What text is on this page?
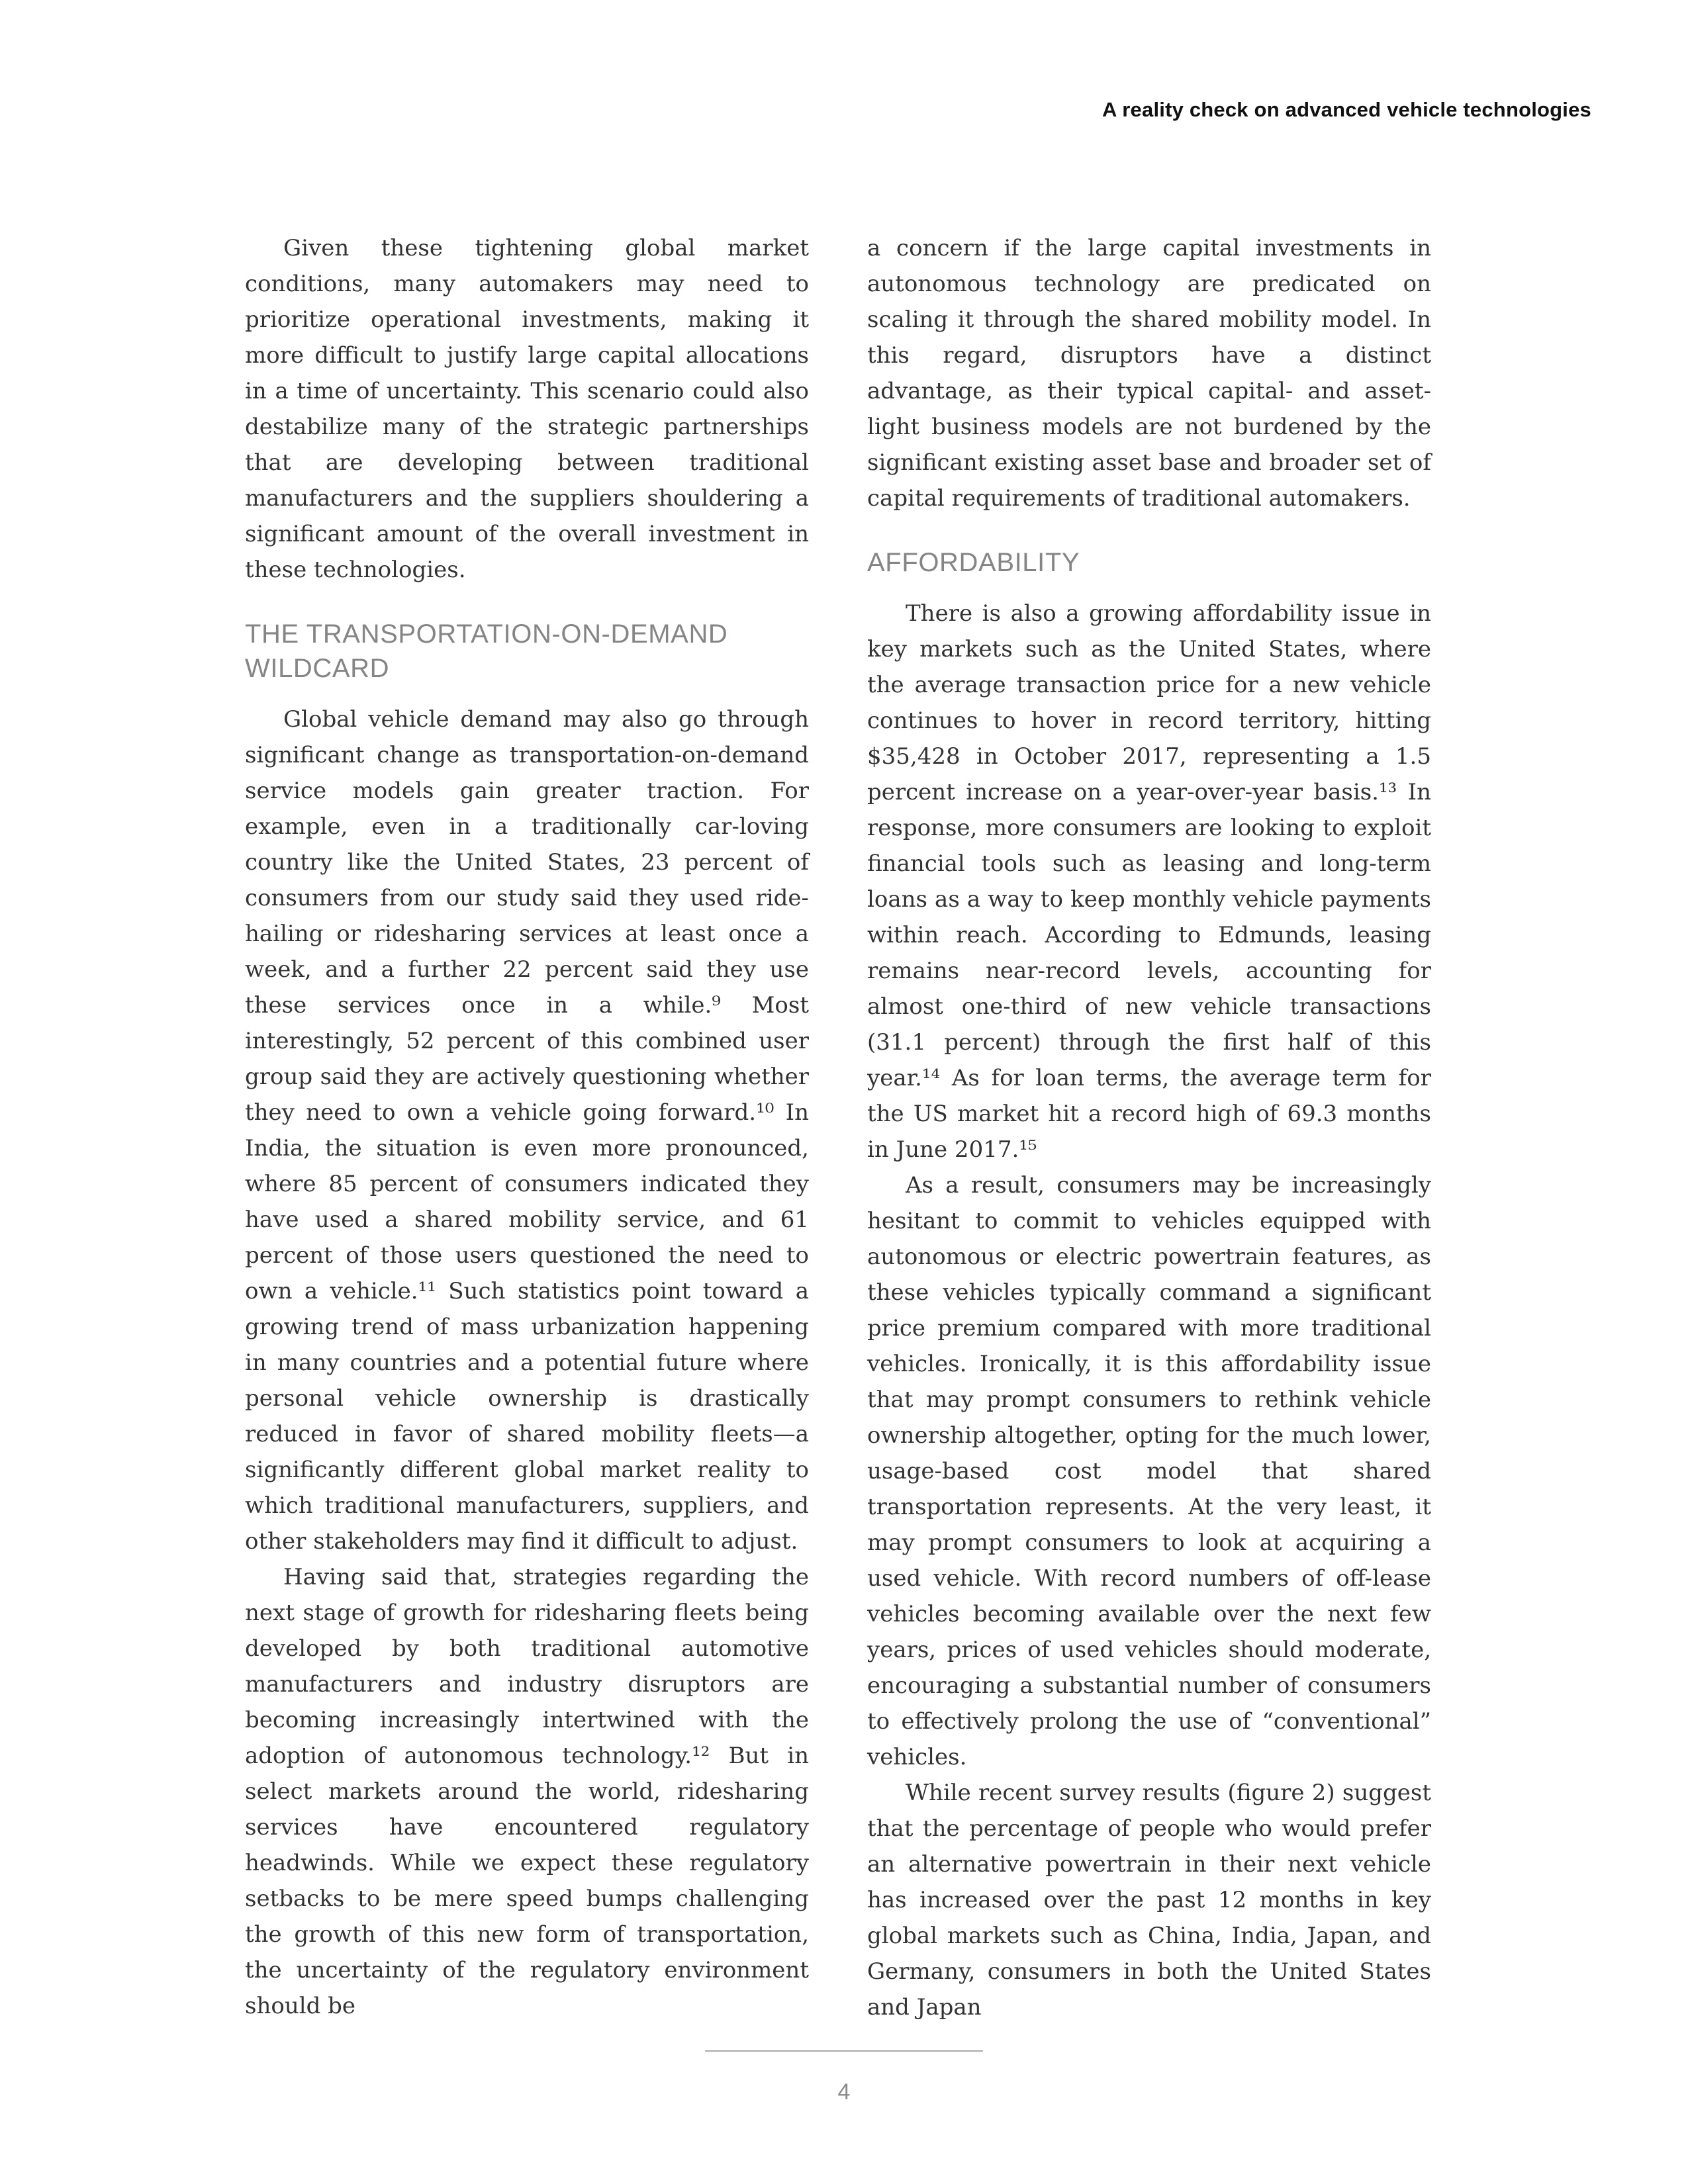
A reality check on advanced vehicle technologies

Given these tightening global market conditions, many automakers may need to prioritize operational investments, making it more difficult to justify large capital allocations in a time of uncertainty. This scenario could also destabilize many of the strategic partnerships that are developing between traditional manufacturers and the suppliers shouldering a significant amount of the overall investment in these technologies.

THE TRANSPORTATION-ON-DEMAND WILDCARD

Global vehicle demand may also go through significant change as transportation-on-demand service models gain greater traction. For example, even in a traditionally car-loving country like the United States, 23 percent of consumers from our study said they used ride-hailing or ridesharing services at least once a week, and a further 22 percent said they use these services once in a while.⁹ Most interestingly, 52 percent of this combined user group said they are actively questioning whether they need to own a vehicle going forward.¹⁰ In India, the situation is even more pronounced, where 85 percent of consumers indicated they have used a shared mobility service, and 61 percent of those users questioned the need to own a vehicle.¹¹ Such statistics point toward a growing trend of mass urbanization happening in many countries and a potential future where personal vehicle ownership is drastically reduced in favor of shared mobility fleets—a significantly different global market reality to which traditional manufacturers, suppliers, and other stakeholders may find it difficult to adjust.

Having said that, strategies regarding the next stage of growth for ridesharing fleets being developed by both traditional automotive manufacturers and industry disruptors are becoming increasingly intertwined with the adoption of autonomous technology.¹² But in select markets around the world, ridesharing services have encountered regulatory headwinds. While we expect these regulatory setbacks to be mere speed bumps challenging the growth of this new form of transportation, the uncertainty of the regulatory environment should be

a concern if the large capital investments in autonomous technology are predicated on scaling it through the shared mobility model. In this regard, disruptors have a distinct advantage, as their typical capital- and asset-light business models are not burdened by the significant existing asset base and broader set of capital requirements of traditional automakers.

AFFORDABILITY

There is also a growing affordability issue in key markets such as the United States, where the average transaction price for a new vehicle continues to hover in record territory, hitting $35,428 in October 2017, representing a 1.5 percent increase on a year-over-year basis.¹³ In response, more consumers are looking to exploit financial tools such as leasing and long-term loans as a way to keep monthly vehicle payments within reach. According to Edmunds, leasing remains near-record levels, accounting for almost one-third of new vehicle transactions (31.1 percent) through the first half of this year.¹⁴ As for loan terms, the average term for the US market hit a record high of 69.3 months in June 2017.¹⁵

As a result, consumers may be increasingly hesitant to commit to vehicles equipped with autonomous or electric powertrain features, as these vehicles typically command a significant price premium compared with more traditional vehicles. Ironically, it is this affordability issue that may prompt consumers to rethink vehicle ownership altogether, opting for the much lower, usage-based cost model that shared transportation represents. At the very least, it may prompt consumers to look at acquiring a used vehicle. With record numbers of off-lease vehicles becoming available over the next few years, prices of used vehicles should moderate, encouraging a substantial number of consumers to effectively prolong the use of “conventional” vehicles.

While recent survey results (figure 2) suggest that the percentage of people who would prefer an alternative powertrain in their next vehicle has increased over the past 12 months in key global markets such as China, India, Japan, and Germany, consumers in both the United States and Japan

4
